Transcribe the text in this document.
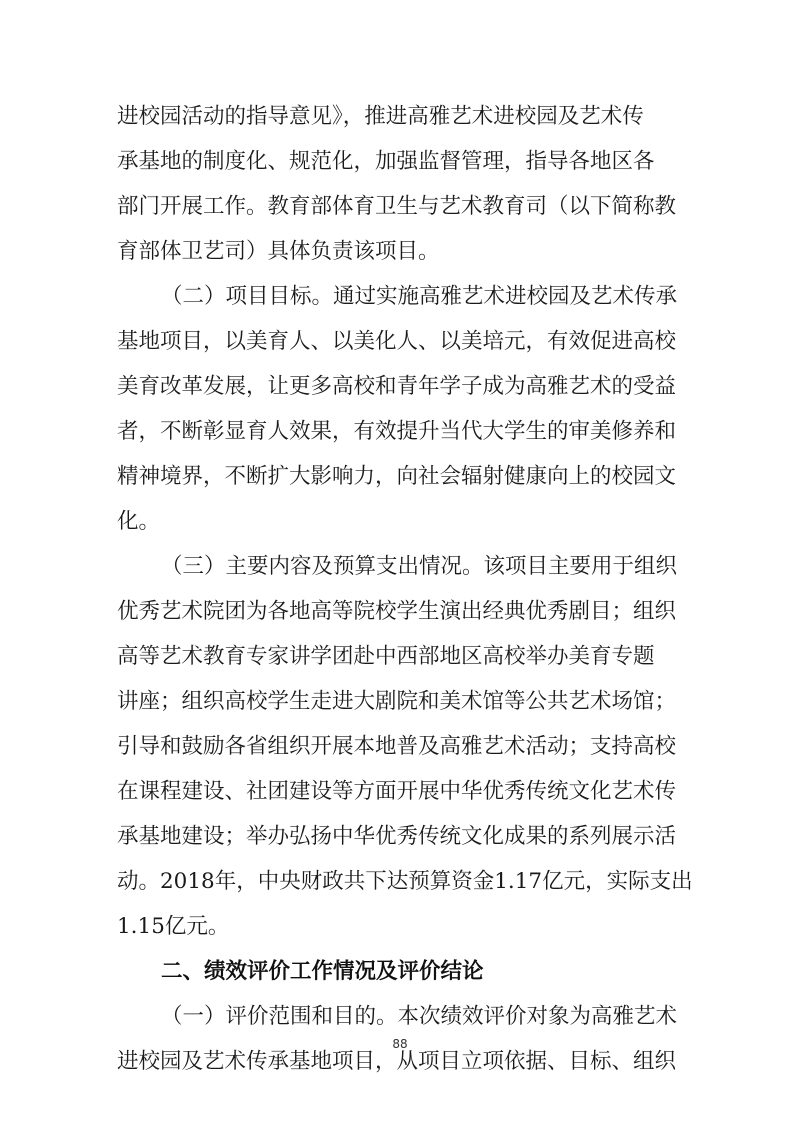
进校园活动的指导意见》，推进高雅艺术进校园及艺术传
承基地的制度化、规范化，加强监督管理，指导各地区各
部门开展工作。教育部体育卫生与艺术教育司（以下简称教
育部体卫艺司）具体负责该项目。
（二）项目目标。通过实施高雅艺术进校园及艺术传承
基地项目，以美育人、以美化人、以美培元，有效促进高校
美育改革发展，让更多高校和青年学子成为高雅艺术的受益
者，不断彰显育人效果，有效提升当代大学生的审美修养和
精神境界，不断扩大影响力，向社会辐射健康向上的校园文
化。
（三）主要内容及预算支出情况。该项目主要用于组织
优秀艺术院团为各地高等院校学生演出经典优秀剧目；组织
高等艺术教育专家讲学团赴中西部地区高校举办美育专题
讲座；组织高校学生走进大剧院和美术馆等公共艺术场馆；
引导和鼓励各省组织开展本地普及高雅艺术活动；支持高校
在课程建设、社团建设等方面开展中华优秀传统文化艺术传
承基地建设；举办弘扬中华优秀传统文化成果的系列展示活
动。2018年，中央财政共下达预算资金1.17亿元，实际支出
1.15亿元。
二、绩效评价工作情况及评价结论
（一）评价范围和目的。本次绩效评价对象为高雅艺术
进校园及艺术传承基地项目，从项目立项依据、目标、组织
88
